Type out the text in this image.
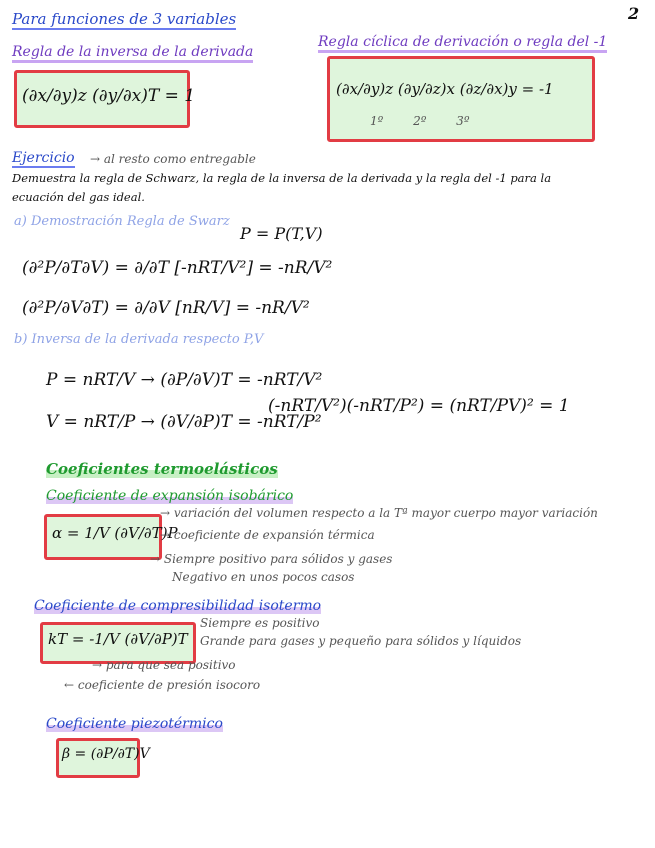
2
Para funciones de 3 variables
Regla de la inversa de la derivada
(∂x/∂y)z (∂y/∂x)T = 1
Regla cíclica de derivación o regla del -1
(∂x/∂y)z (∂y/∂z)x (∂z/∂x)y = -1
1º 2º 3º
Ejercicio → al resto como entregable
Demuestra la regla de Schwarz, la regla de la inversa de la derivada y la regla del -1 para la
ecuación del gas ideal.
a) Demostración Regla de Swarz
P = P(T,V)
(∂²P/∂T∂V) = ∂/∂T [-nRT/V²] = -nR/V²
(∂²P/∂V∂T) = ∂/∂V [nR/V] = -nR/V²
b) Inversa de la derivada respecto P,V
P = nRT/V → (∂P/∂V)T = -nRT/V²
V = nRT/P → (∂V/∂P)T = -nRT/P²
(-nRT/V²)(-nRT/P²) = (nRT/PV)² = 1
Coeficientes termoelásticos
Coeficiente de expansión isobárico
α = 1/V (∂V/∂T)P
→ variación del volumen respecto a la Tª mayor cuerpo mayor variación
→ coeficiente de expansión térmica
→ Siempre positivo para sólidos y gases
Negativo en unos pocos casos
Coeficiente de compresibilidad isotermo
kT = -1/V (∂V/∂P)T
Siempre es positivo
Grande para gases y pequeño para sólidos y líquidos
→ para que sea positivo
← coeficiente de presión isocoro
Coeficiente piezotérmico
β = (∂P/∂T)V
